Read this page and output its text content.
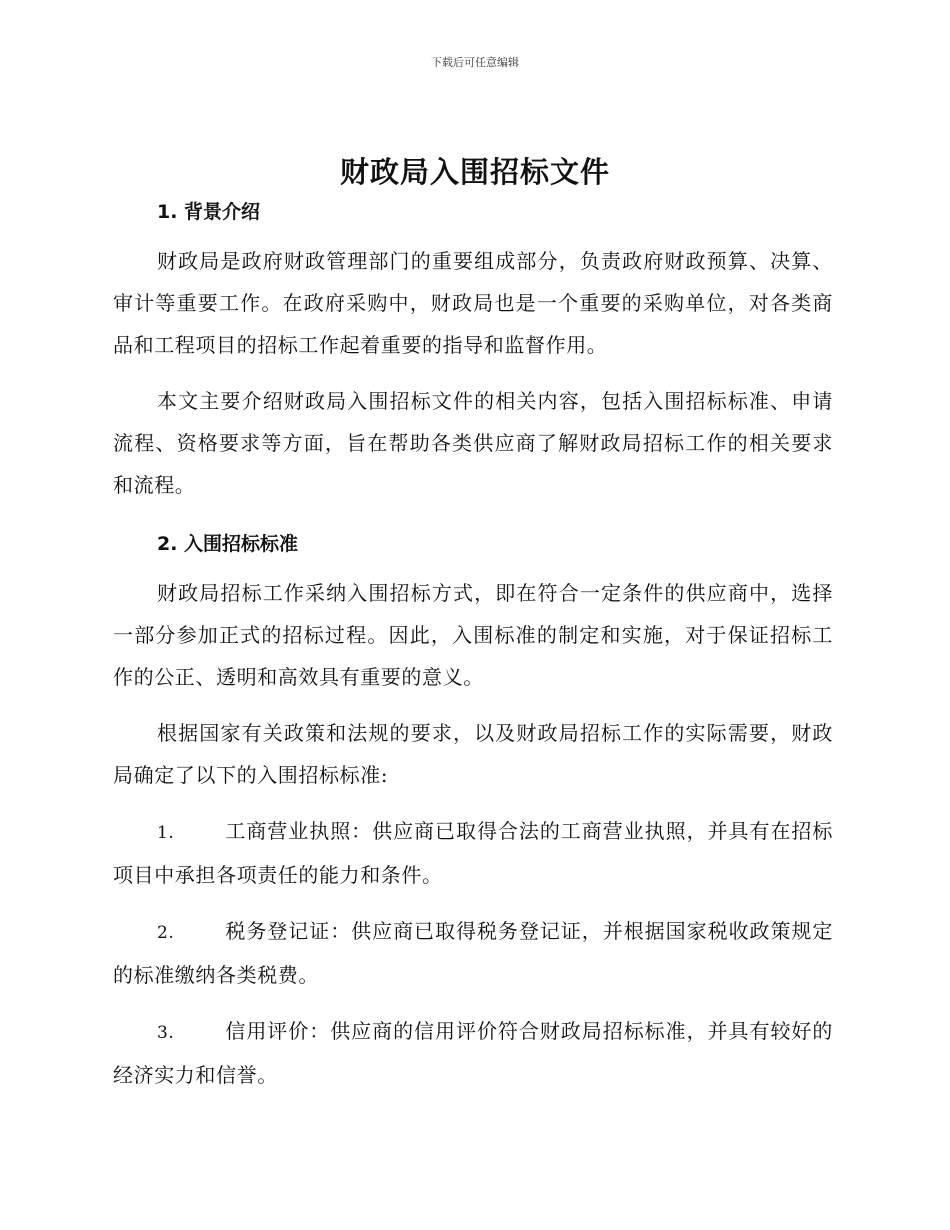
下载后可任意编辑
财政局入围招标文件

1. 背景介绍

财政局是政府财政管理部门的重要组成部分，负责政府财政预算、决算、审计等重要工作。在政府采购中，财政局也是一个重要的采购单位，对各类商品和工程项目的招标工作起着重要的指导和监督作用。

本文主要介绍财政局入围招标文件的相关内容，包括入围招标标准、申请流程、资格要求等方面，旨在帮助各类供应商了解财政局招标工作的相关要求和流程。

2. 入围招标标准

财政局招标工作采纳入围招标方式，即在符合一定条件的供应商中，选择一部分参加正式的招标过程。因此，入围标准的制定和实施，对于保证招标工作的公正、透明和高效具有重要的意义。

根据国家有关政策和法规的要求，以及财政局招标工作的实际需要，财政局确定了以下的入围招标标准:

1.	工商营业执照：供应商已取得合法的工商营业执照，并具有在招标项目中承担各项责任的能力和条件。

2.	税务登记证：供应商已取得税务登记证，并根据国家税收政策规定的标准缴纳各类税费。

3.	信用评价：供应商的信用评价符合财政局招标标准，并具有较好的经济实力和信誉。
